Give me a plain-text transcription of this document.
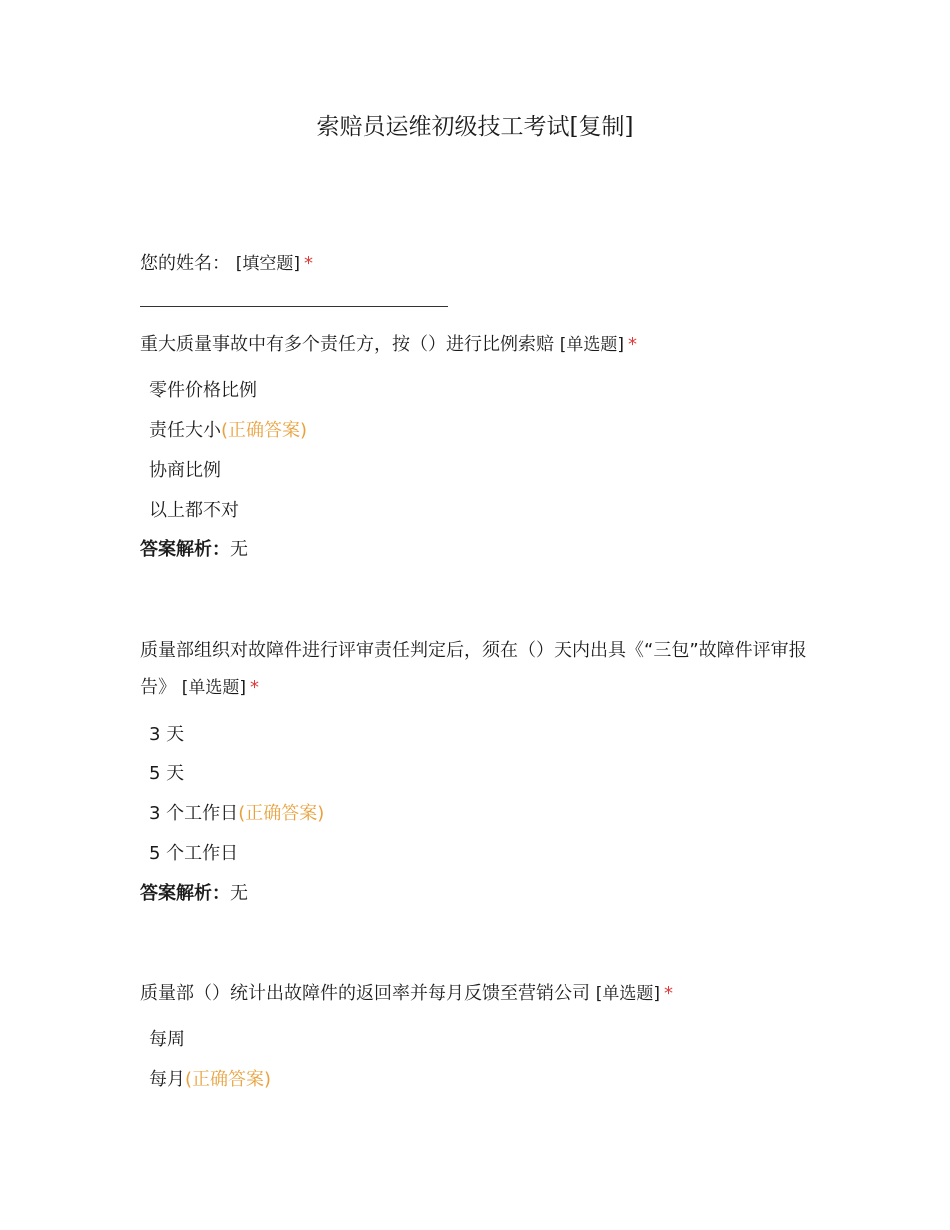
索赔员运维初级技工考试[复制]
您的姓名： [填空题] *
重大质量事故中有多个责任方，按（）进行比例索赔 [单选题] *
零件价格比例
责任大小(正确答案)
协商比例
以上都不对
答案解析：无
质量部组织对故障件进行评审责任判定后，须在（）天内出具《“三包”故障件评审报告》 [单选题] *
3 天
5 天
3 个工作日(正确答案)
5 个工作日
答案解析：无
质量部（）统计出故障件的返回率并每月反馈至营销公司 [单选题] *
每周
每月(正确答案)
